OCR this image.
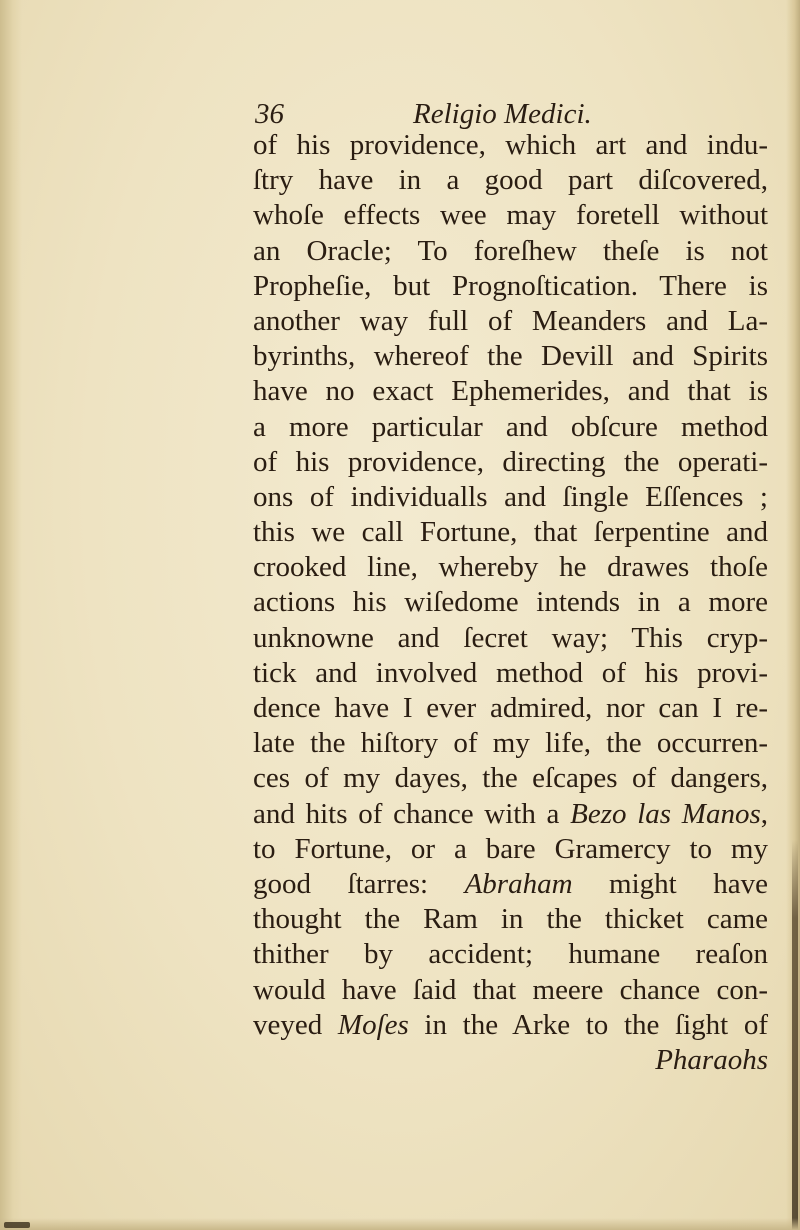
36	Religio Medici.
of his providence, which art and indu-
ſtry have in a good part diſcovered,
whoſe effects wee may foretell without
an Oracle; To foreſhew theſe is not
Propheſie, but Prognoſtication. There is
another way full of Meanders and La-
byrinths, whereof the Devill and Spirits
have no exact Ephemerides, and that is
a more particular and obſcure method
of his providence, directing the operati-
ons of individualls and ſingle Eſſences ;
this we call Fortune, that ſerpentine and
crooked line, whereby he drawes thoſe
actions his wiſedome intends in a more
unknowne and ſecret way; This cryp-
tick and involved method of his provi-
dence have I ever admired, nor can I re-
late the hiſtory of my life, the occurren-
ces of my dayes, the eſcapes of dangers,
and hits of chance with a Bezo las Manos,
to Fortune, or a bare Gramercy to my
good ſtarres: Abraham might have
thought the Ram in the thicket came
thither by accident; humane reaſon
would have ſaid that meere chance con-
veyed Moſes in the Arke to the ſight of
Pharaohs
